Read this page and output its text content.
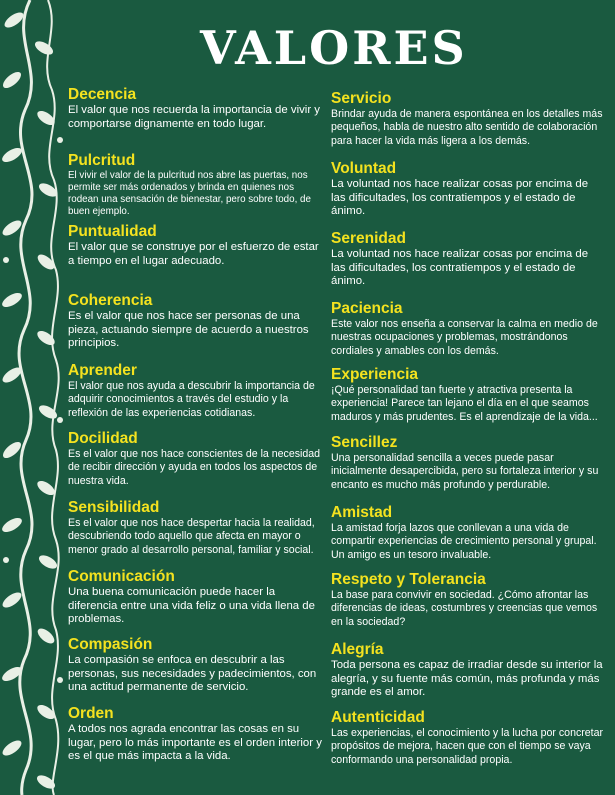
VALORES

Decencia

El valor que nos recuerda la importancia de vivir y comportarse dignamente en todo lugar.

Pulcritud

El vivir el valor de la pulcritud nos abre las puertas, nos permite ser más ordenados y brinda en quienes nos rodean una sensación de bienestar, pero sobre todo, de buen ejemplo.

Puntualidad

El valor que se construye por el esfuerzo de estar a tiempo en el lugar adecuado.

Coherencia

Es el valor que nos hace ser personas de una pieza, actuando siempre de acuerdo a nuestros principios.

Aprender

El valor que nos ayuda a descubrir la importancia de adquirir conocimientos a través del estudio y la reflexión de las experiencias cotidianas.

Docilidad

Es el valor que nos hace conscientes de la necesidad de recibir dirección y ayuda en todos los aspectos de nuestra vida.

Sensibilidad

Es el valor que nos hace despertar hacia la realidad, descubriendo todo aquello que afecta en mayor o menor grado al desarrollo personal, familiar y social.

Comunicación

Una buena comunicación puede hacer la diferencia entre una vida feliz o una vida llena de problemas.

Compasión

La compasión se enfoca en descubrir a las personas, sus necesidades y padecimientos, con una actitud permanente de servicio.

Orden

A todos nos agrada encontrar las cosas en su lugar, pero lo más importante es el orden interior y es el que más impacta a la vida.

Servicio

Brindar ayuda de manera espontánea en los detalles más pequeños, habla de nuestro alto sentido de colaboración para hacer la vida más ligera a los demás.

Voluntad

La voluntad nos hace realizar cosas por encima de las dificultades, los contratiempos y el estado de ánimo.

Serenidad

La voluntad nos hace realizar cosas por encima de las dificultades, los contratiempos y el estado de ánimo.

Paciencia

Este valor nos enseña a conservar la calma en medio de nuestras ocupaciones y problemas, mostrándonos cordiales y amables con los demás.

Experiencia

¡Qué personalidad tan fuerte y atractiva presenta la experiencia! Parece tan lejano el día en el que seamos maduros y más prudentes. Es el aprendizaje de la vida...

Sencillez

Una personalidad sencilla a veces puede pasar inicialmente desapercibida, pero su fortaleza interior y su encanto es mucho más profundo y perdurable.

Amistad

La amistad forja lazos que conllevan a una vida de compartir experiencias de crecimiento personal y grupal. Un amigo es un tesoro invaluable.

Respeto y Tolerancia

La base para convivir en sociedad. ¿Cómo afrontar las diferencias de ideas, costumbres y creencias que vemos en la sociedad?

Alegría

Toda persona es capaz de irradiar desde su interior la alegría, y su fuente más común, más profunda y más grande es el amor.

Autenticidad

Las experiencias, el conocimiento y la lucha por concretar propósitos de mejora, hacen que con el tiempo se vaya conformando una personalidad propia.
